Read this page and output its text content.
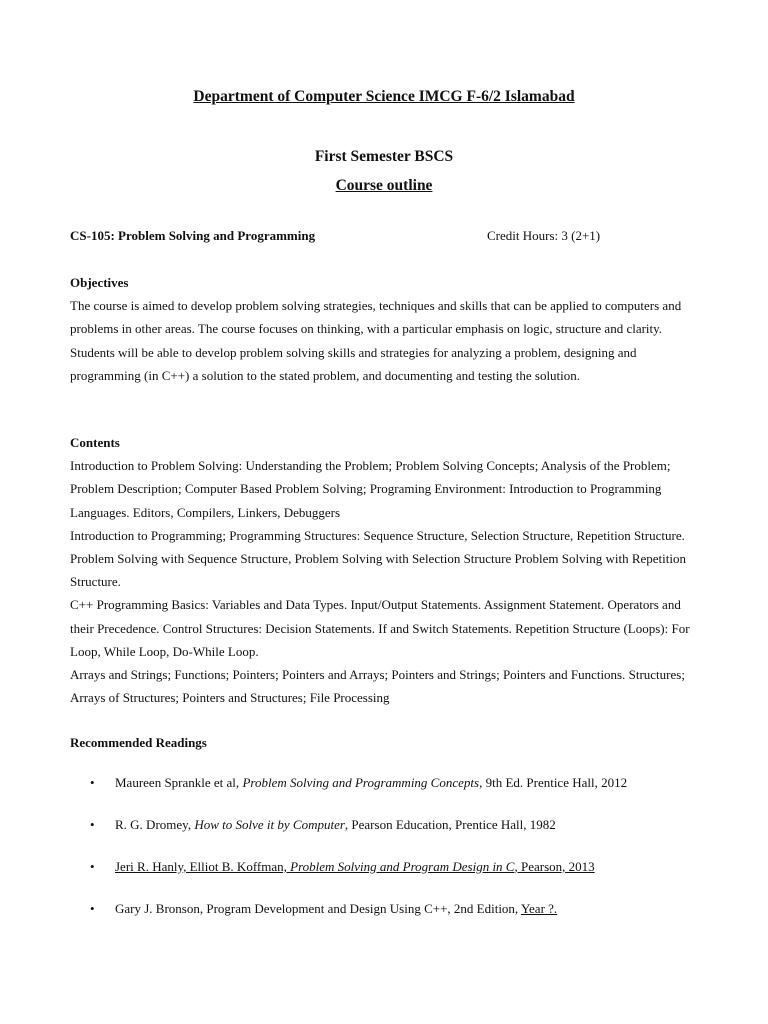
Department of Computer Science IMCG F-6/2 Islamabad
First Semester BSCS
Course outline
CS-105: Problem Solving and Programming	Credit Hours: 3 (2+1)

Objectives

The course is aimed to develop problem solving strategies, techniques and skills that can be applied to computers and problems in other areas. The course focuses on thinking, with a particular emphasis on logic, structure and clarity. Students will be able to develop problem solving skills and strategies for analyzing a problem, designing and programming (in C++) a solution to the stated problem, and documenting and testing the solution.

Contents

Introduction to Problem Solving: Understanding the Problem; Problem Solving Concepts; Analysis of the Problem; Problem Description; Computer Based Problem Solving; Programing Environment: Introduction to Programming Languages. Editors, Compilers, Linkers, Debuggers

Introduction to Programming; Programming Structures: Sequence Structure, Selection Structure, Repetition Structure. Problem Solving with Sequence Structure, Problem Solving with Selection Structure Problem Solving with Repetition Structure.

C++ Programming Basics: Variables and Data Types. Input/Output Statements. Assignment Statement. Operators and their Precedence. Control Structures: Decision Statements. If and Switch Statements. Repetition Structure (Loops): For Loop, While Loop, Do-While Loop.

Arrays and Strings; Functions; Pointers; Pointers and Arrays; Pointers and Strings; Pointers and Functions. Structures; Arrays of Structures; Pointers and Structures; File Processing

Recommended Readings

• Maureen Sprankle et al, Problem Solving and Programming Concepts, 9th Ed. Prentice Hall, 2012
• R. G. Dromey, How to Solve it by Computer, Pearson Education, Prentice Hall, 1982
• Jeri R. Hanly, Elliot B. Koffman, Problem Solving and Program Design in C, Pearson, 2013
• Gary J. Bronson, Program Development and Design Using C++, 2nd Edition, Year ?.
